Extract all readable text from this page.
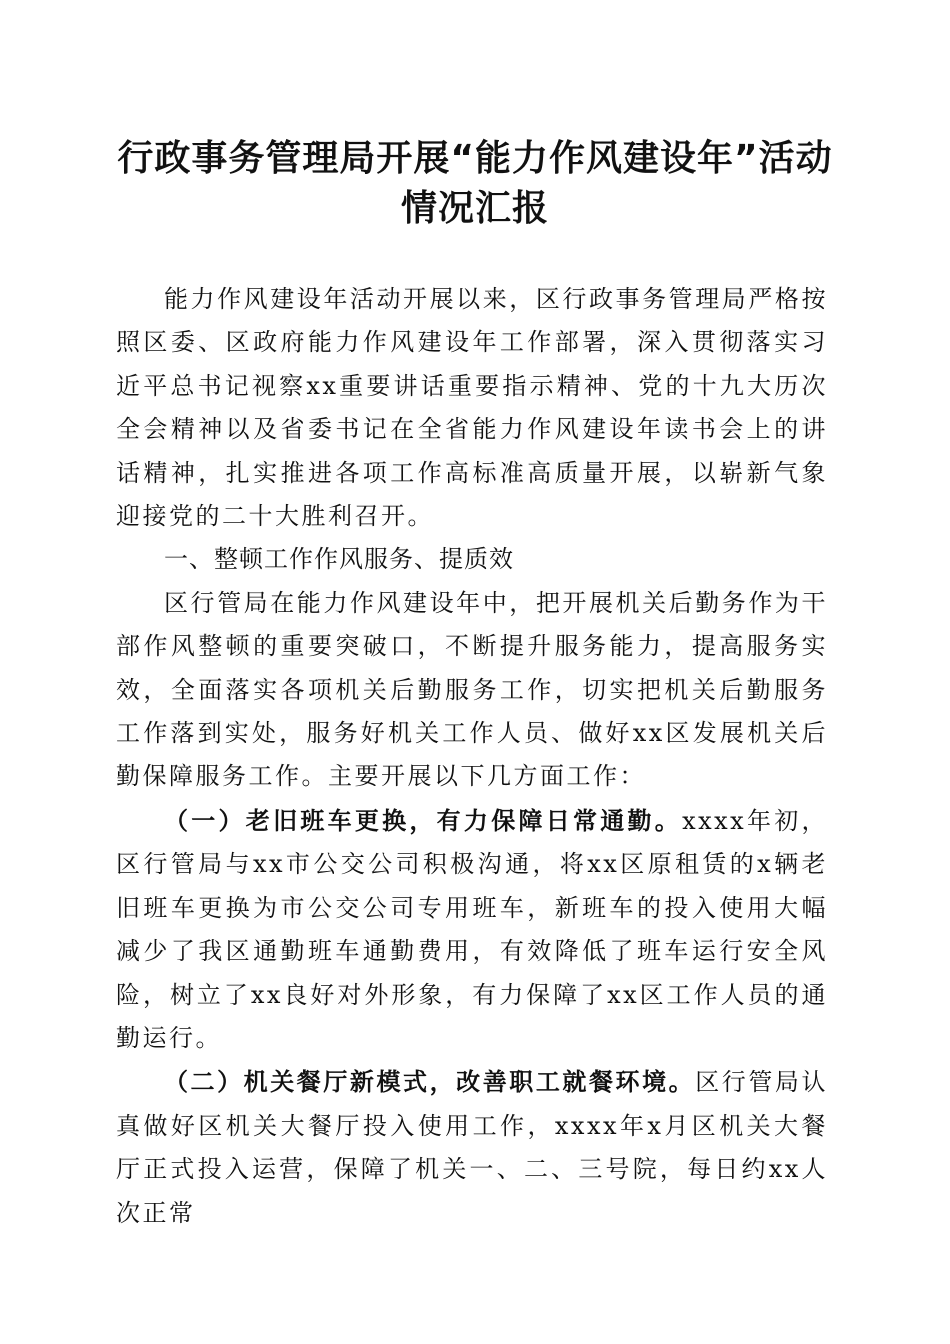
行政事务管理局开展“能力作风建设年”活动
情况汇报

能力作风建设年活动开展以来，区行政事务管理局严格按照区委、区政府能力作风建设年工作部署，深入贯彻落实习近平总书记视察xx重要讲话重要指示精神、党的十九大历次全会精神以及省委书记在全省能力作风建设年读书会上的讲话精神，扎实推进各项工作高标准高质量开展，以崭新气象迎接党的二十大胜利召开。

一、整顿工作作风服务、提质效

区行管局在能力作风建设年中，把开展机关后勤务作为干部作风整顿的重要突破口，不断提升服务能力，提高服务实效，全面落实各项机关后勤服务工作，切实把机关后勤服务工作落到实处，服务好机关工作人员、做好xx区发展机关后勤保障服务工作。主要开展以下几方面工作：

（一）老旧班车更换，有力保障日常通勤。xxxx年初，区行管局与xx市公交公司积极沟通，将xx区原租赁的x辆老旧班车更换为市公交公司专用班车，新班车的投入使用大幅减少了我区通勤班车通勤费用，有效降低了班车运行安全风险，树立了xx良好对外形象，有力保障了xx区工作人员的通勤运行。

（二）机关餐厅新模式，改善职工就餐环境。区行管局认真做好区机关大餐厅投入使用工作，xxxx年x月区机关大餐厅正式投入运营，保障了机关一、二、三号院，每日约xx人次正常
